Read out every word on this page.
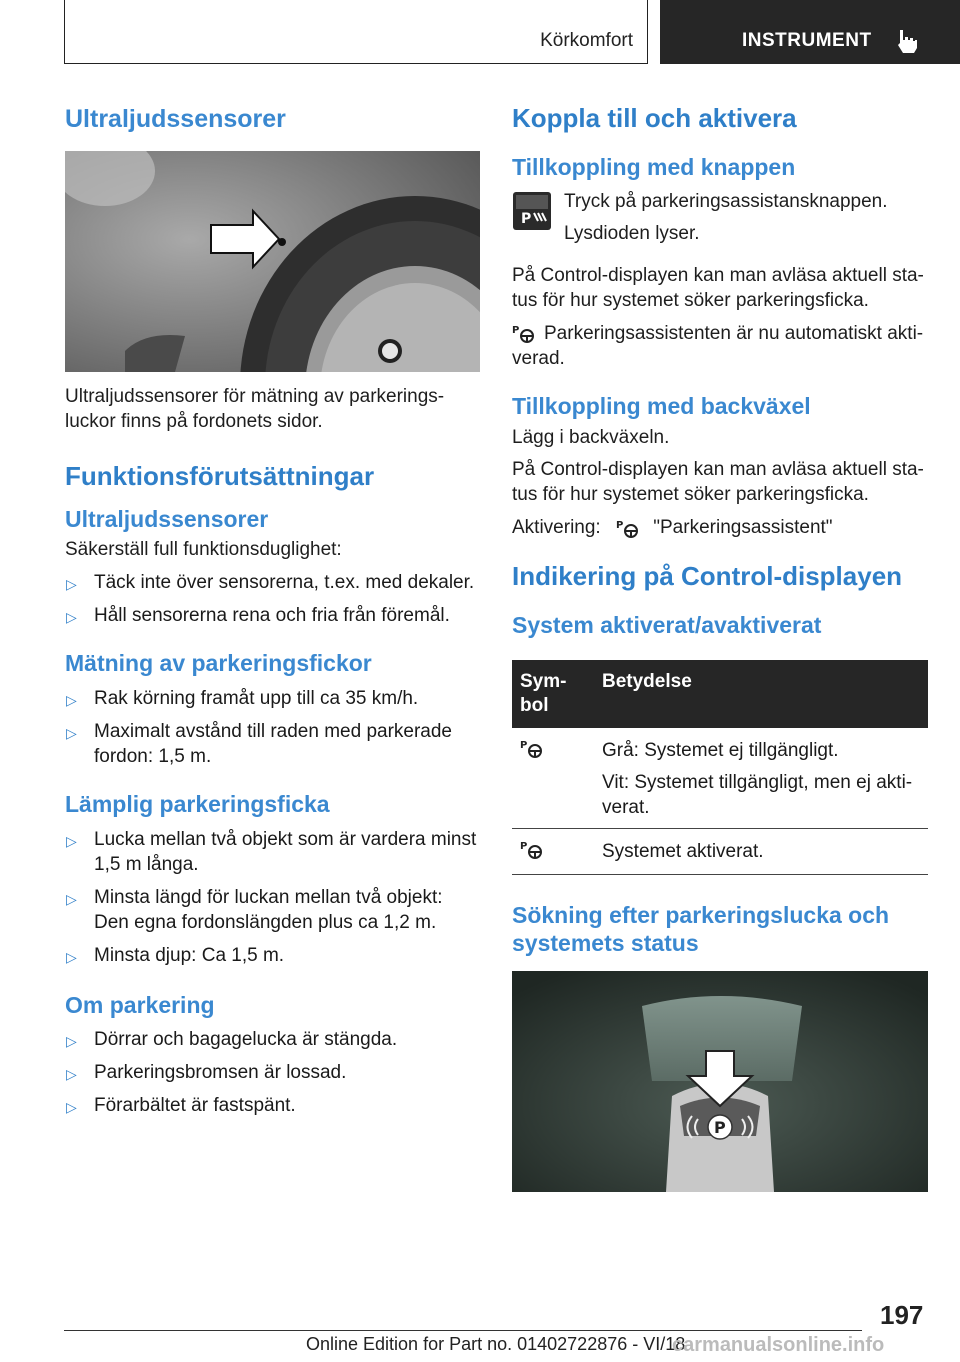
Körkomfort	INSTRUMENT
Ultraljudssensorer

Ultraljudssensorer för mätning av parkerings-

luckor finns på fordonets sidor.

Funktionsförutsättningar
Ultraljudssensorer

Säkerställ full funktionsduglighet:

▷ Täck inte över sensorerna, t.ex. med dekaler.
▷ Håll sensorerna rena och fria från föremål.
Mätning av parkeringsfickor
▷ Rak körning framåt upp till ca 35 km/h.
▷ Maximalt avstånd till raden med parkerade
fordon: 1,5 m.
Lämplig parkeringsficka
▷ Lucka mellan två objekt som är vardera minst
1,5 m långa.
▷ Minsta längd för luckan mellan två objekt:
Den egna fordonslängden plus ca 1,2 m.
▷ Minsta djup: Ca 1,5 m.
Om parkering
▷ Dörrar och bagagelucka är stängda.
▷ Parkeringsbromsen är lossad.
▷ Förarbältet är fastspänt.
Koppla till och aktivera
Tillkoppling med knappen
P

Tryck på parkeringsassistansknappen.

Lysdioden lyser.

På Control-displayen kan man avläsa aktuell sta-

tus för hur systemet söker parkeringsficka.

P	Parkeringsassistenten är nu automatiskt akti-

verad.

Tillkoppling med backväxel

Lägg i backväxeln.

På Control-displayen kan man avläsa aktuell sta-

tus för hur systemet söker parkeringsficka.

Aktivering: P "Parkeringsassistent"

Indikering på Control-displayen
System aktiverat/avaktiverat
Sym-
bol	Betydelse

P	Grå: Systemet ej tillgängligt.
Vit: Systemet tillgängligt, men ej akti-
verat.

P	Systemet aktiverat.
Sökning efter parkeringslucka och
systemets status
P
197
Online Edition for Part no. 01402722876 - VI/18
carmanualsonline.info
